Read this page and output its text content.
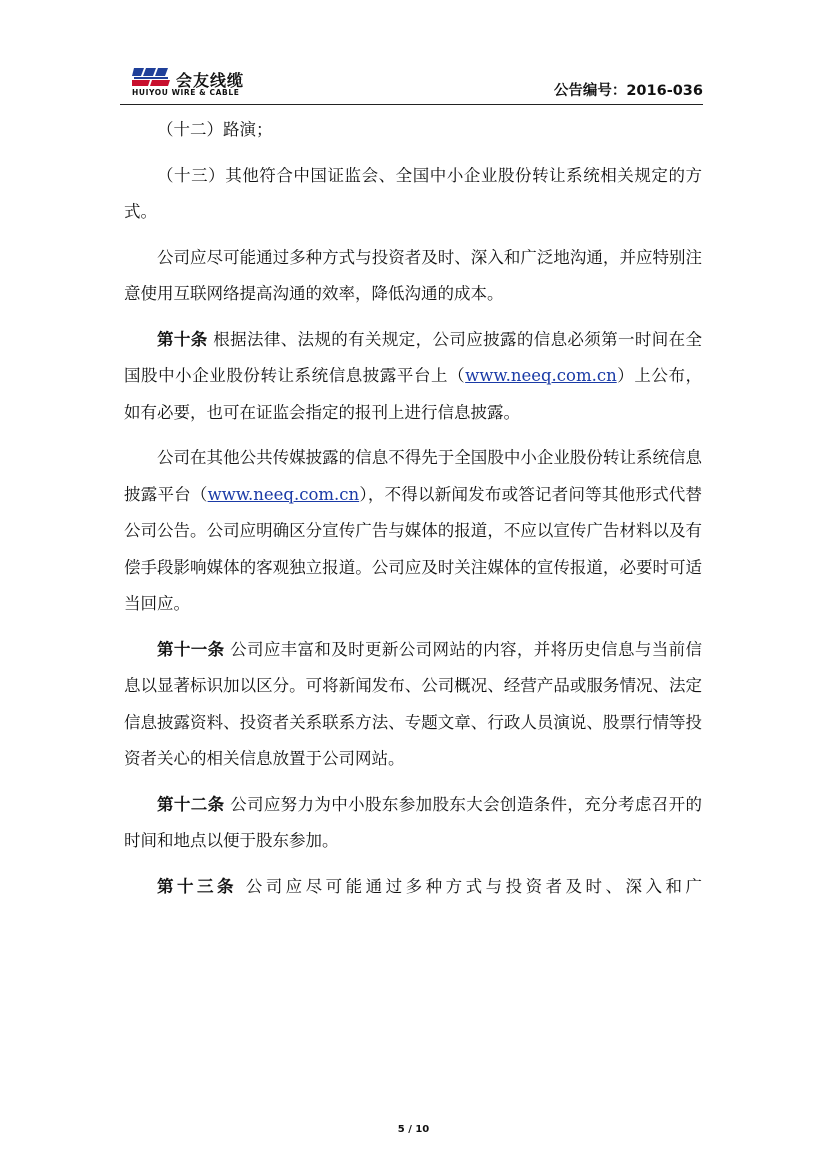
会友线缆
HUIYOU WIRE & CABLE	公告编号：2016-036

（十二）路演；

（十三）其他符合中国证监会、全国中小企业股份转让系统相关规定的方式。

公司应尽可能通过多种方式与投资者及时、深入和广泛地沟通，并应特别注意使用互联网络提高沟通的效率，降低沟通的成本。

第十条 根据法律、法规的有关规定，公司应披露的信息必须第一时间在全国股中小企业股份转让系统信息披露平台上（www.neeq.com.cn）上公布，如有必要，也可在证监会指定的报刊上进行信息披露。

公司在其他公共传媒披露的信息不得先于全国股中小企业股份转让系统信息披露平台（www.neeq.com.cn），不得以新闻发布或答记者问等其他形式代替公司公告。公司应明确区分宣传广告与媒体的报道，不应以宣传广告材料以及有偿手段影响媒体的客观独立报道。公司应及时关注媒体的宣传报道，必要时可适当回应。

第十一条 公司应丰富和及时更新公司网站的内容，并将历史信息与当前信息以显著标识加以区分。可将新闻发布、公司概况、经营产品或服务情况、法定信息披露资料、投资者关系联系方法、专题文章、行政人员演说、股票行情等投资者关心的相关信息放置于公司网站。

第十二条 公司应努力为中小股东参加股东大会创造条件，充分考虑召开的时间和地点以便于股东参加。

第十三条 公司应尽可能通过多种方式与投资者及时、深入和广

5 / 10
